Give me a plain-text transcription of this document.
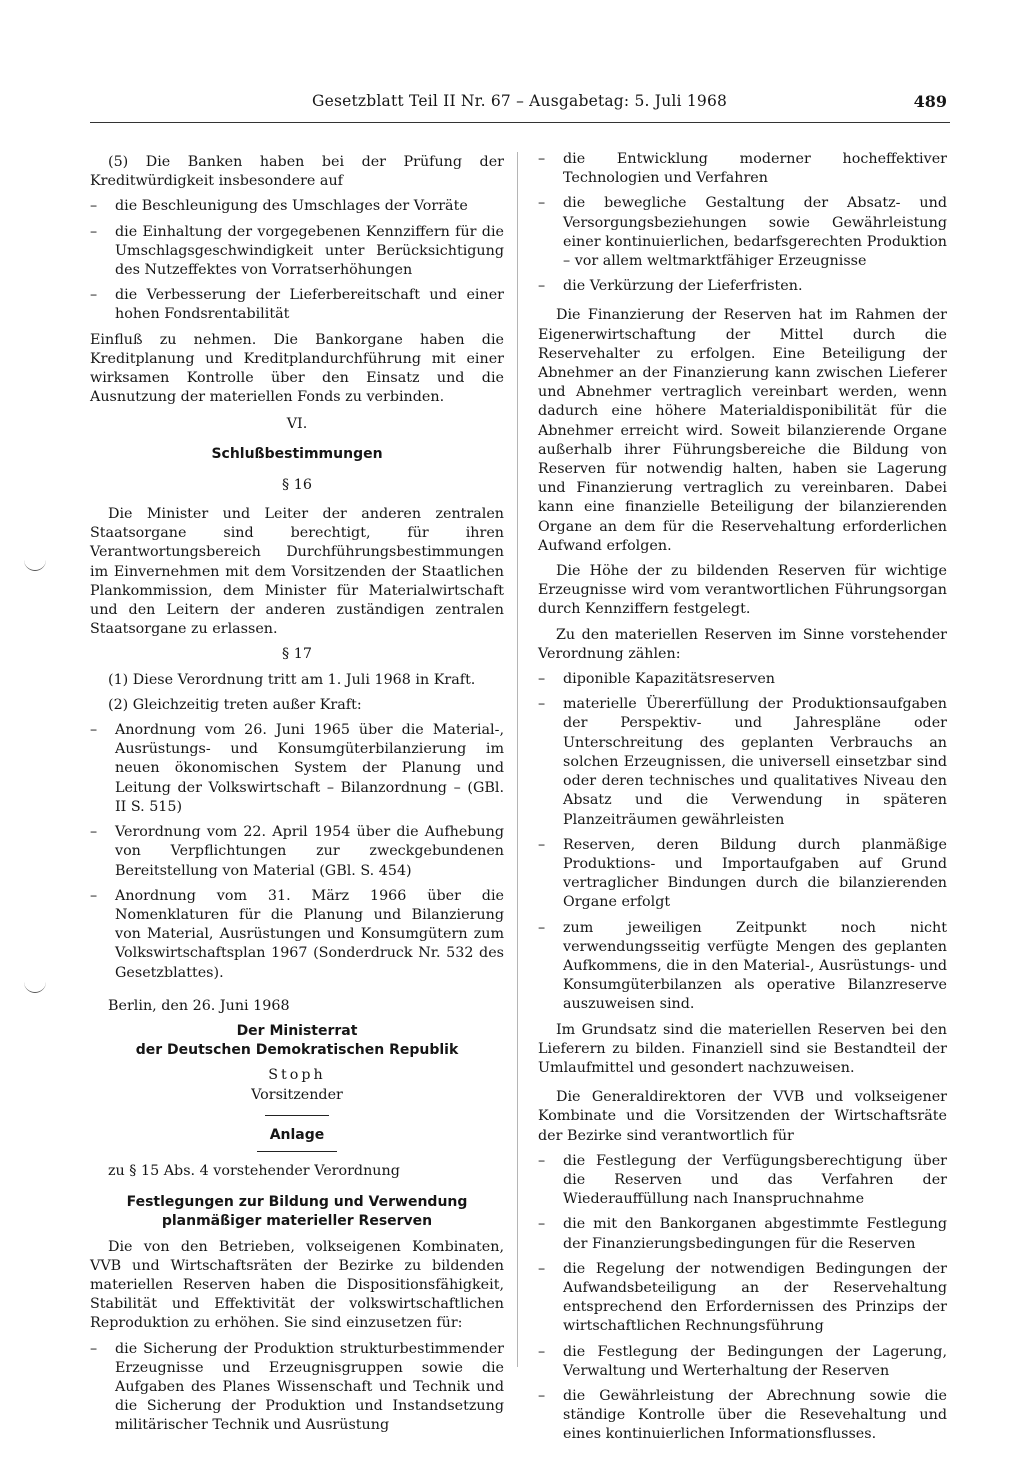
Gesetzblatt Teil II Nr. 67 – Ausgabetag: 5. Juli 1968	489

(5) Die Banken haben bei der Prüfung der Kreditwürdigkeit insbesondere auf

– die Beschleunigung des Umschlages der Vorräte
– die Einhaltung der vorgegebenen Kennziffern für die Umschlagsgeschwindigkeit unter Berücksichtigung des Nutzeffektes von Vorratserhöhungen
– die Verbesserung der Lieferbereitschaft und einer hohen Fondsrentabilität

Einfluß zu nehmen. Die Bankorgane haben die Kreditplanung und Kreditplandurchführung mit einer wirksamen Kontrolle über den Einsatz und die Ausnutzung der materiellen Fonds zu verbinden.

VI.
Schlußbestimmungen
§ 16

Die Minister und Leiter der anderen zentralen Staatsorgane sind berechtigt, für ihren Verantwortungsbereich Durchführungsbestimmungen im Einvernehmen mit dem Vorsitzenden der Staatlichen Plankommission, dem Minister für Materialwirtschaft und den Leitern der anderen zuständigen zentralen Staatsorgane zu erlassen.

§ 17

(1) Diese Verordnung tritt am 1. Juli 1968 in Kraft.

(2) Gleichzeitig treten außer Kraft:

– Anordnung vom 26. Juni 1965 über die Material-, Ausrüstungs- und Konsumgüterbilanzierung im neuen ökonomischen System der Planung und Leitung der Volkswirtschaft – Bilanzordnung – (GBl. II S. 515)
– Verordnung vom 22. April 1954 über die Aufhebung von Verpflichtungen zur zweckgebundenen Bereitstellung von Material (GBl. S. 454)
– Anordnung vom 31. März 1966 über die Nomenklaturen für die Planung und Bilanzierung von Material, Ausrüstungen und Konsumgütern zum Volkswirtschaftsplan 1967 (Sonderdruck Nr. 532 des Gesetzblattes).

Berlin, den 26. Juni 1968

Der Ministerrat
der Deutschen Demokratischen Republik
Stoph
Vorsitzender
Anlage

zu § 15 Abs. 4 vorstehender Verordnung

Festlegungen zur Bildung und Verwendung
planmäßiger materieller Reserven

Die von den Betrieben, volkseigenen Kombinaten, VVB und Wirtschaftsräten der Bezirke zu bildenden materiellen Reserven haben die Dispositionsfähigkeit, Stabilität und Effektivität der volkswirtschaftlichen Reproduktion zu erhöhen. Sie sind einzusetzen für:

– die Sicherung der Produktion strukturbestimmender Erzeugnisse und Erzeugnisgruppen sowie die Aufgaben des Planes Wissenschaft und Technik und die Sicherung der Produktion und Instandsetzung militärischer Technik und Ausrüstung
– die Entwicklung moderner hocheffektiver Technologien und Verfahren
– die bewegliche Gestaltung der Absatz- und Versorgungsbeziehungen sowie Gewährleistung einer kontinuierlichen, bedarfsgerechten Produktion – vor allem weltmarktfähiger Erzeugnisse
– die Verkürzung der Lieferfristen.

Die Finanzierung der Reserven hat im Rahmen der Eigenerwirtschaftung der Mittel durch die Reservehalter zu erfolgen. Eine Beteiligung der Abnehmer an der Finanzierung kann zwischen Lieferer und Abnehmer vertraglich vereinbart werden, wenn dadurch eine höhere Materialdisponibilität für die Abnehmer erreicht wird. Soweit bilanzierende Organe außerhalb ihrer Führungsbereiche die Bildung von Reserven für notwendig halten, haben sie Lagerung und Finanzierung vertraglich zu vereinbaren. Dabei kann eine finanzielle Beteiligung der bilanzierenden Organe an dem für die Reservehaltung erforderlichen Aufwand erfolgen.

Die Höhe der zu bildenden Reserven für wichtige Erzeugnisse wird vom verantwortlichen Führungsorgan durch Kennziffern festgelegt.

Zu den materiellen Reserven im Sinne vorstehender Verordnung zählen:

– diponible Kapazitätsreserven
– materielle Übererfüllung der Produktionsaufgaben der Perspektiv- und Jahrespläne oder Unterschreitung des geplanten Verbrauchs an solchen Erzeugnissen, die universell einsetzbar sind oder deren technisches und qualitatives Niveau den Absatz und die Verwendung in späteren Planzeiträumen gewährleisten
– Reserven, deren Bildung durch planmäßige Produktions- und Importaufgaben auf Grund vertraglicher Bindungen durch die bilanzierenden Organe erfolgt
– zum jeweiligen Zeitpunkt noch nicht verwendungsseitig verfügte Mengen des geplanten Aufkommens, die in den Material-, Ausrüstungs- und Konsumgüterbilanzen als operative Bilanzreserve auszuweisen sind.

Im Grundsatz sind die materiellen Reserven bei den Lieferern zu bilden. Finanziell sind sie Bestandteil der Umlaufmittel und gesondert nachzuweisen.

Die Generaldirektoren der VVB und volkseigener Kombinate und die Vorsitzenden der Wirtschaftsräte der Bezirke sind verantwortlich für

– die Festlegung der Verfügungsberechtigung über die Reserven und das Verfahren der Wiederauffüllung nach Inanspruchnahme
– die mit den Bankorganen abgestimmte Festlegung der Finanzierungsbedingungen für die Reserven
– die Regelung der notwendigen Bedingungen der Aufwandsbeteiligung an der Reservehaltung entsprechend den Erfordernissen des Prinzips der wirtschaftlichen Rechnungsführung
– die Festlegung der Bedingungen der Lagerung, Verwaltung und Werterhaltung der Reserven
– die Gewährleistung der Abrechnung sowie die ständige Kontrolle über die Resevehaltung und eines kontinuierlichen Informationsflusses.
